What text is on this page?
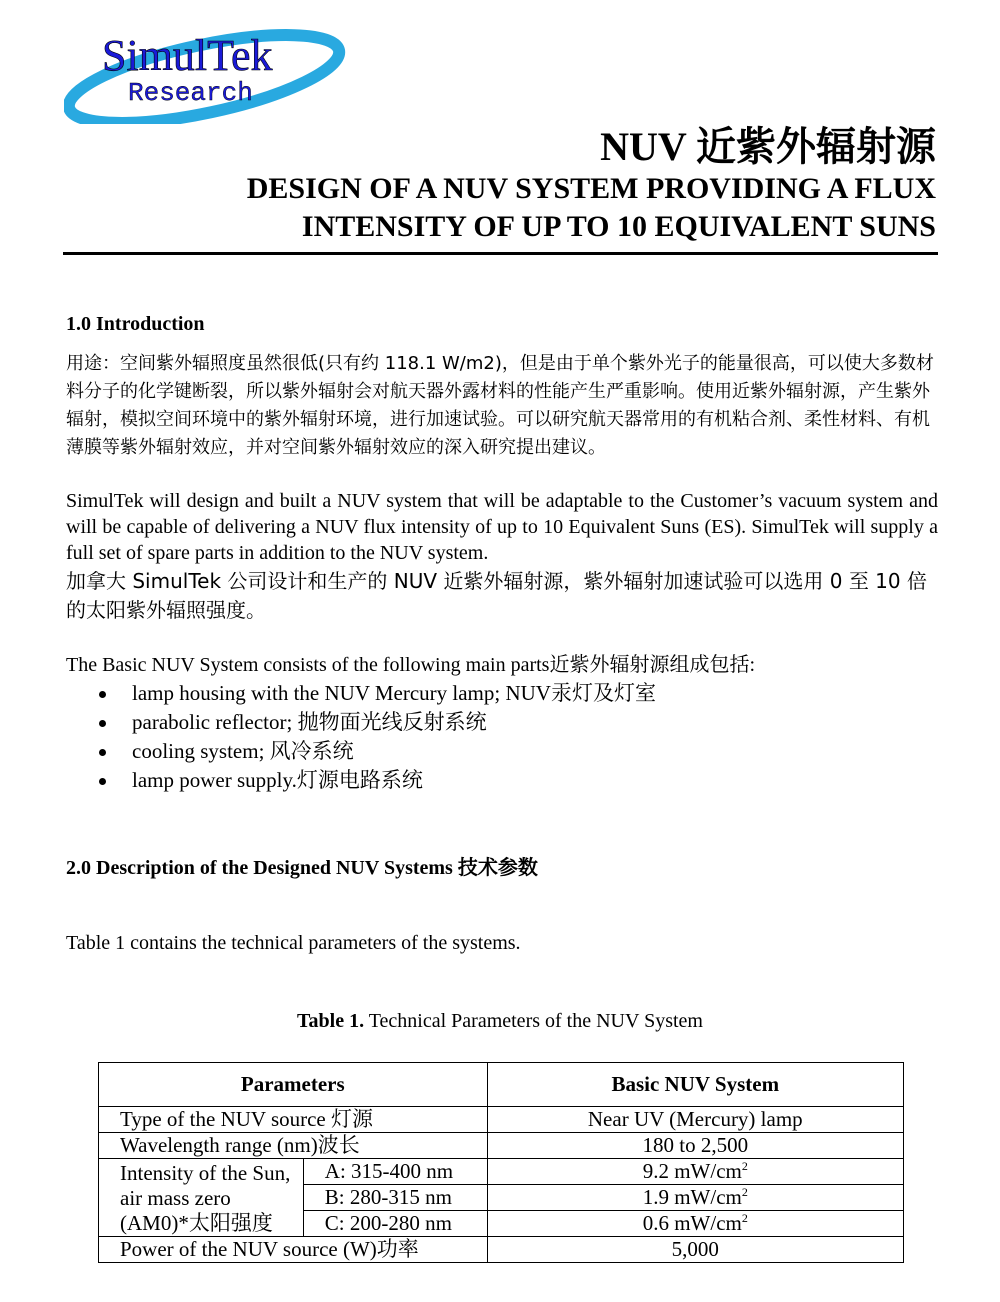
SimulTek
Research

NUV 近紫外辐射源

DESIGN OF A NUV SYSTEM PROVIDING A FLUX

INTENSITY OF UP TO 10 EQUIVALENT SUNS

1.0 Introduction

用途：空间紫外辐照度虽然很低(只有约 118.1 W/m2)，但是由于单个紫外光子的能量很高，可以使大多数材料分子的化学键断裂，所以紫外辐射会对航天器外露材料的性能产生严重影响。使用近紫外辐射源，产生紫外辐射，模拟空间环境中的紫外辐射环境，进行加速试验。可以研究航天器常用的有机粘合剂、柔性材料、有机薄膜等紫外辐射效应，并对空间紫外辐射效应的深入研究提出建议。

SimulTek will design and built a NUV system that will be adaptable to the Customer’s vacuum system and will be capable of delivering a NUV flux intensity of up to 10 Equivalent Suns (ES). SimulTek will supply a full set of spare parts in addition to the NUV system.

加拿大 SimulTek 公司设计和生产的 NUV 近紫外辐射源，紫外辐射加速试验可以选用 0 至 10 倍的太阳紫外辐照强度。

The Basic NUV System consists of the following main parts近紫外辐射源组成包括:

lamp housing with the NUV Mercury lamp; NUV汞灯及灯室
parabolic reflector; 抛物面光线反射系统
cooling system; 风冷系统
lamp power supply.灯源电路系统

2.0 Description of the Designed NUV Systems 技术参数

Table 1 contains the technical parameters of the systems.

Table 1. Technical Parameters of the NUV System

Parameters		Basic NUV System
Type of the NUV source 灯源		Near UV (Mercury) lamp
Wavelength range (nm)波长		180 to 2,500
Intensity of the Sun, air mass zero (AM0)*太阳强度	A: 315-400 nm	9.2 $mW/cm^2$
	B: 280-315 nm	1.9 $mW/cm^2$
	C: 200-280 nm	0.6 $mW/cm^2$
Power of the NUV source (W)功率		5,000
